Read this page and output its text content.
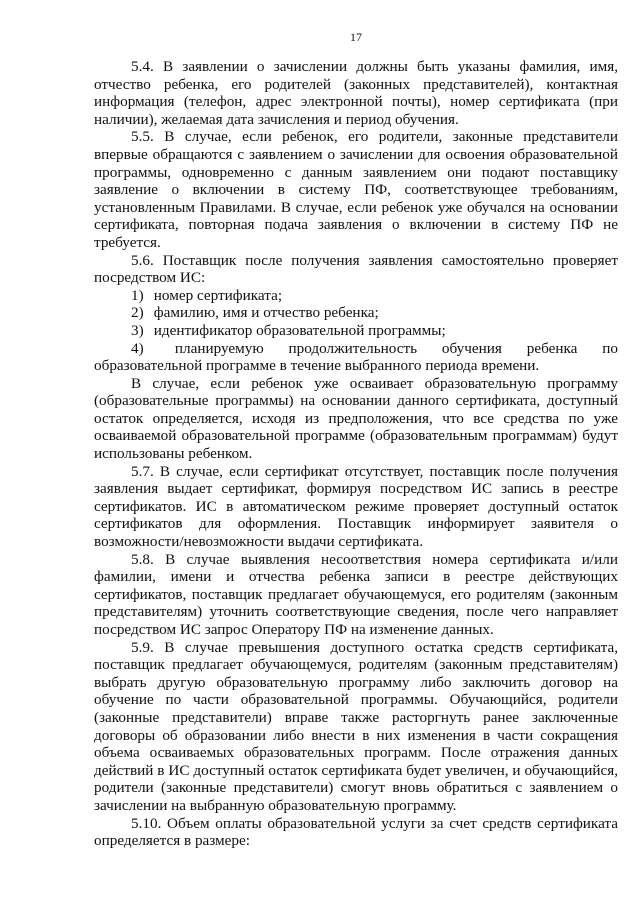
17

5.4. В заявлении о зачислении должны быть указаны фамилия, имя, отчество ребенка, его родителей (законных представителей), контактная информация (телефон, адрес электронной почты), номер сертификата (при наличии), желаемая дата зачисления и период обучения.

5.5. В случае, если ребенок, его родители, законные представители впервые обращаются с заявлением о зачислении для освоения образовательной программы, одновременно с данным заявлением они подают поставщику заявление о включении в систему ПФ, соответствующее требованиям, установленным Правилами. В случае, если ребенок уже обучался на основании сертификата, повторная подача заявления о включении в систему ПФ не требуется.

5.6. Поставщик после получения заявления самостоятельно проверяет посредством ИС:

1) номер сертификата;
2) фамилию, имя и отчество ребенка;
3) идентификатор образовательной программы;
4) планируемую продолжительность обучения ребенка по

образовательной программе в течение выбранного периода времени.

В случае, если ребенок уже осваивает образовательную программу (образовательные программы) на основании данного сертификата, доступный остаток определяется, исходя из предположения, что все средства по уже осваиваемой образовательной программе (образовательным программам) будут использованы ребенком.

5.7. В случае, если сертификат отсутствует, поставщик после получения заявления выдает сертификат, формируя посредством ИС запись в реестре сертификатов. ИС в автоматическом режиме проверяет доступный остаток сертификатов для оформления. Поставщик информирует заявителя о возможности/невозможности выдачи сертификата.

5.8. В случае выявления несоответствия номера сертификата и/или фамилии, имени и отчества ребенка записи в реестре действующих сертификатов, поставщик предлагает обучающемуся, его родителям (законным представителям) уточнить соответствующие сведения, после чего направляет посредством ИС запрос Оператору ПФ на изменение данных.

5.9. В случае превышения доступного остатка средств сертификата, поставщик предлагает обучающемуся, родителям (законным представителям) выбрать другую образовательную программу либо заключить договор на обучение по части образовательной программы. Обучающийся, родители (законные представители) вправе также расторгнуть ранее заключенные договоры об образовании либо внести в них изменения в части сокращения объема осваиваемых образовательных программ. После отражения данных действий в ИС доступный остаток сертификата будет увеличен, и обучающийся, родители (законные представители) смогут вновь обратиться с заявлением о зачислении на выбранную образовательную программу.

5.10. Объем оплаты образовательной услуги за счет средств сертификата определяется в размере:
